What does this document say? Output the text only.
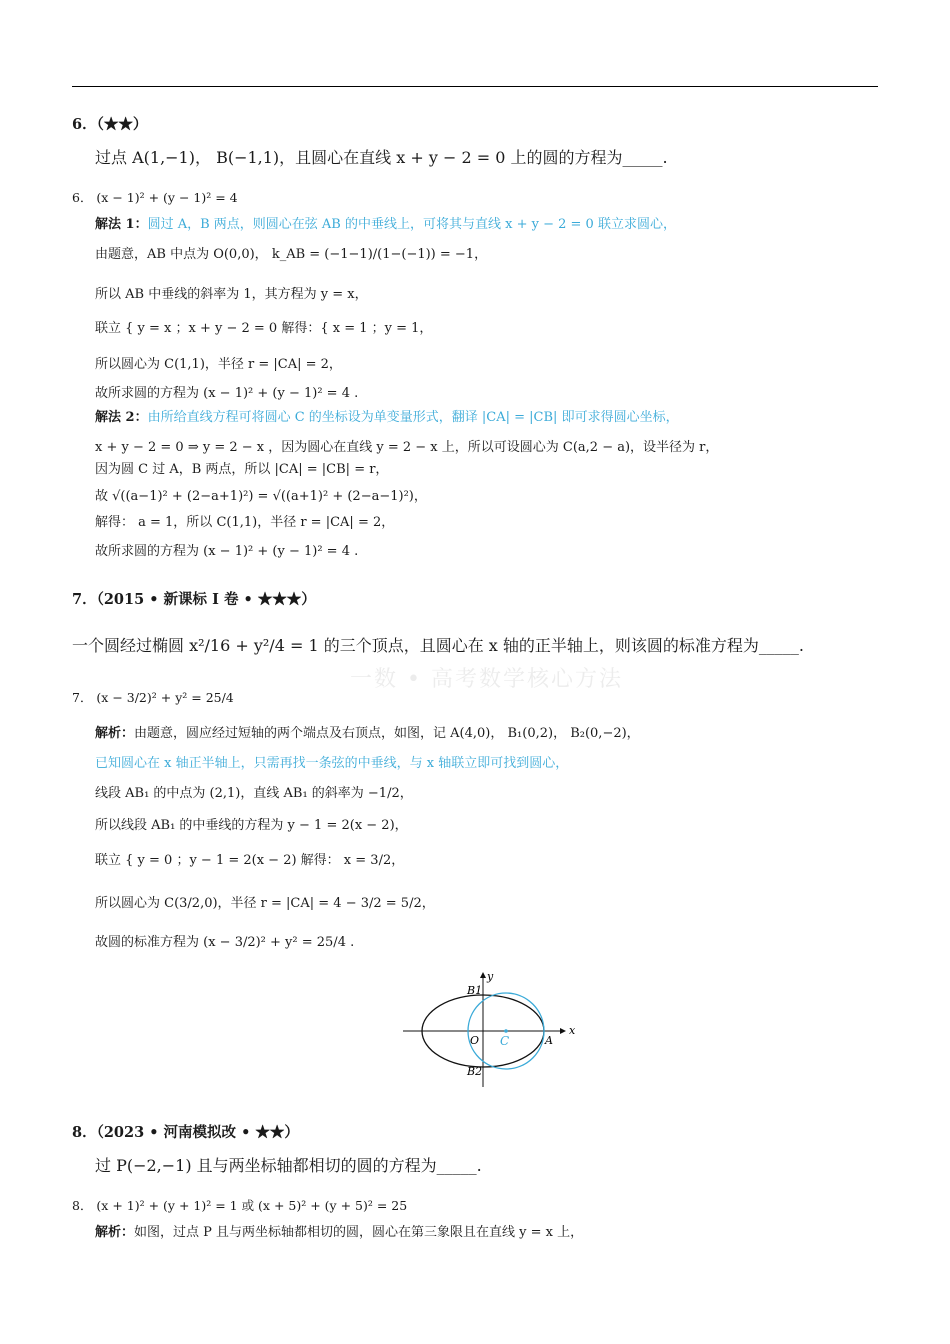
一数 • 高考数学核心方法
6．（★★）
过点 A(1,−1)， B(−1,1)，且圆心在直线 x + y − 2 = 0 上的圆的方程为_____.
6． (x − 1)² + (y − 1)² = 4
解法 1：圆过 A，B 两点，则圆心在弦 AB 的中垂线上，可将其与直线 x + y − 2 = 0 联立求圆心，
由题意，AB 中点为 O(0,0)， k_AB = (−1−1)/(1−(−1)) = −1，
所以 AB 中垂线的斜率为 1，其方程为 y = x，
联立 { y = x ；x + y − 2 = 0 解得：{ x = 1 ；y = 1，
所以圆心为 C(1,1)，半径 r = |CA| = 2，
故所求圆的方程为 (x − 1)² + (y − 1)² = 4 .
解法 2：由所给直线方程可将圆心 C 的坐标设为单变量形式，翻译 |CA| = |CB| 即可求得圆心坐标，
x + y − 2 = 0 ⇒ y = 2 − x ，因为圆心在直线 y = 2 − x 上，所以可设圆心为 C(a,2 − a)，设半径为 r，
因为圆 C 过 A，B 两点，所以 |CA| = |CB| = r，
故 √((a−1)² + (2−a+1)²) = √((a+1)² + (2−a−1)²)，
解得： a = 1，所以 C(1,1)，半径 r = |CA| = 2，
故所求圆的方程为 (x − 1)² + (y − 1)² = 4 .
7．（2015 • 新课标 Ⅰ 卷 • ★★★）
一个圆经过椭圆 x²/16 + y²/4 = 1 的三个顶点，且圆心在 x 轴的正半轴上，则该圆的标准方程为_____.
7． (x − 3/2)² + y² = 25/4
解析：由题意，圆应经过短轴的两个端点及右顶点，如图，记 A(4,0)， B₁(0,2)， B₂(0,−2)，
已知圆心在 x 轴正半轴上，只需再找一条弦的中垂线，与 x 轴联立即可找到圆心，
线段 AB₁ 的中点为 (2,1)，直线 AB₁ 的斜率为 −1/2，
所以线段 AB₁ 的中垂线的方程为 y − 1 = 2(x − 2)，
联立 { y = 0 ；y − 1 = 2(x − 2) 解得： x = 3/2，
所以圆心为 C(3/2,0)，半径 r = |CA| = 4 − 3/2 = 5/2，
故圆的标准方程为 (x − 3/2)² + y² = 25/4 .
x
y
O	A
C
B1
B2
8．（2023 • 河南模拟改 • ★★）
过 P(−2,−1) 且与两坐标轴都相切的圆的方程为_____.
8． (x + 1)² + (y + 1)² = 1 或 (x + 5)² + (y + 5)² = 25
解析：如图，过点 P 且与两坐标轴都相切的圆，圆心在第三象限且在直线 y = x 上，
